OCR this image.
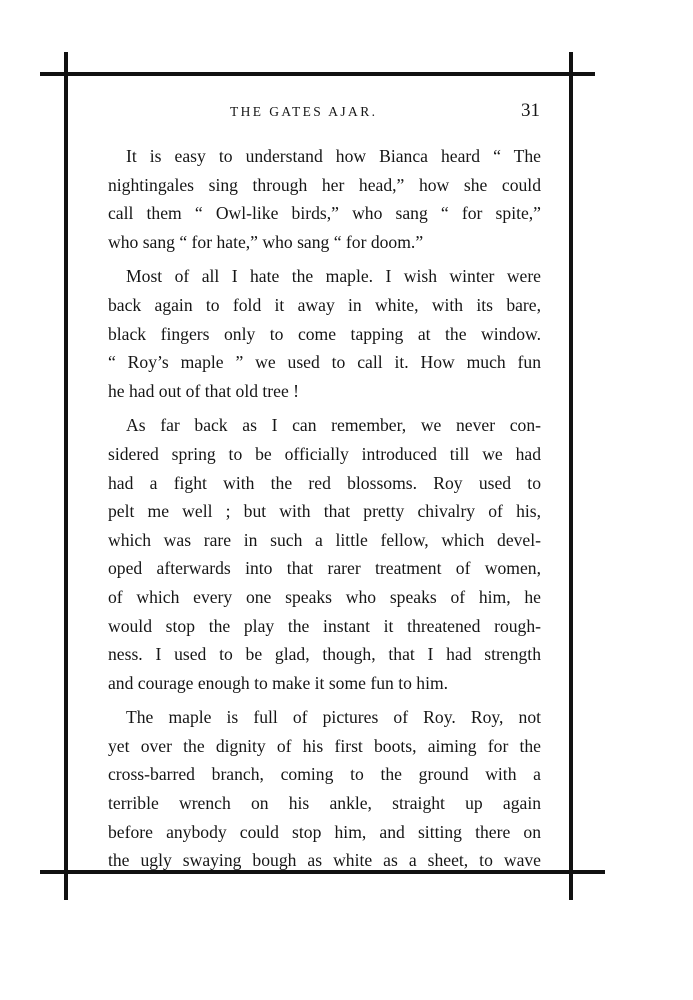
THE GATES AJAR.	31
It is easy to understand how Bianca heard “ The
nightingales sing through her head,” how she could
call them “ Owl-like birds,” who sang “ for spite,”
who sang “ for hate,” who sang “ for doom.”
Most of all I hate the maple. I wish winter were
back again to fold it away in white, with its bare,
black fingers only to come tapping at the window.
“ Roy’s maple ” we used to call it. How much fun
he had out of that old tree !
As far back as I can remember, we never con-
sidered spring to be officially introduced till we had
had a fight with the red blossoms. Roy used to
pelt me well ; but with that pretty chivalry of his,
which was rare in such a little fellow, which devel-
oped afterwards into that rarer treatment of women,
of which every one speaks who speaks of him, he
would stop the play the instant it threatened rough-
ness. I used to be glad, though, that I had strength
and courage enough to make it some fun to him.
The maple is full of pictures of Roy. Roy, not
yet over the dignity of his first boots, aiming for the
cross-barred branch, coming to the ground with a
terrible wrench on his ankle, straight up again
before anybody could stop him, and sitting there on
the ugly swaying bough as white as a sheet, to wave
